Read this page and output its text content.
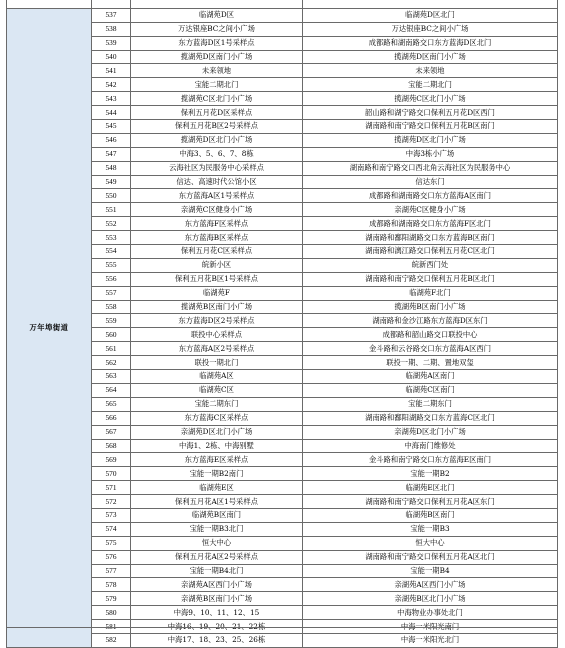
万年埠街道	537	临湖苑D区	临湖苑D区北门
	538	万达银座BC之间小广场	万达银座BC之间小广场
	539	东方蓝海D区1号采样点	成都路和湖南路交口东方蓝海D区北门
	540	揽湖苑D区南门小广场	揽湖苑D区南门小广场
	541	未来领地	未来领地
	542	宝能二期北门	宝能二期北门
	543	揽湖苑C区北门小广场	揽湖苑C区北门小广场
	544	保利五月花D区采样点	韶山路和湖宁路交口保利五月花D区西门
	545	保利五月花B区2号采样点	湖南路和南宁路交口保利五月花B区南门
	546	揽湖苑D区北门小广场	揽湖苑D区北门小广场
	547	中海3、5、6、7、8栋	中海3栋小广场
	548	云海社区为民服务中心采样点	湖南路和南宁路交口西北角云海社区为民服务中心
	549	信达、高速时代公馆小区	信达东门
	550	东方蓝海A区1号采样点	成都路和湖南路交口东方蓝海A区南门
	551	亲湖苑C区健身小广场	亲湖苑C区健身小广场
	552	东方蓝海F区采样点	成都路和湖南路交口东方蓝海F区北门
	553	东方蓝海B区采样点	湖南路和鄱阳湖路交口东方蓝海B区南门
	554	保利五月花C区采样点	湖南路和漓江路交口保利五月花C区北门
	555	皖新小区	皖新西门处
	556	保利五月花B区1号采样点	湖南路和南宁路交口保利五月花B区北门
	557	临湖苑F	临湖苑F北门
	558	揽湖苑B区南门小广场	揽湖苑B区南门小广场
	559	东方蓝海D区2号采样点	湖南路和金沙江路东方蓝海D区东门
	560	联投中心采样点	成都路和韶山路交口联投中心
	561	东方蓝海A区2号采样点	金斗路和云谷路交口东方蓝海A区西门
	562	联投一期北门	联投一期、二期、置地双玺
	563	临湖苑A区	临湖苑A区南门
	564	临湖苑C区	临湖苑C区南门
	565	宝能二期东门	宝能二期东门
	566	东方蓝海C区采样点	湖南路和鄱阳湖路交口东方蓝海C区北门
	567	亲湖苑D区北门小广场	亲湖苑D区北门小广场
	568	中海1、2栋、中海别墅	中海南门维修处
	569	东方蓝海E区采样点	金斗路和南宁路交口东方蓝海E区南门
	570	宝能一期B2南门	宝能一期B2
	571	临湖苑E区	临湖苑E区北门
	572	保利五月花A区1号采样点	湖南路和南宁路交口保利五月花A区东门
	573	临湖苑B区南门	临湖苑B区南门
	574	宝能一期B3北门	宝能一期B3
	575	恒大中心	恒大中心
	576	保利五月花A区2号采样点	湖南路和南宁路交口保利五月花A区北门
	577	宝能一期B4北门	宝能一期B4
	578	亲湖苑A区西门小广场	亲湖苑A区西门小广场
	579	亲湖苑B区南门小广场	亲湖苑B区北门小广场
	580	中海9、10、11、12、15	中海物业办事处北门
	581	中海16、19、20、21、22栋	中海一米阳光南门
	582	中海17、18、23、25、26栋	中海一米阳光北门
